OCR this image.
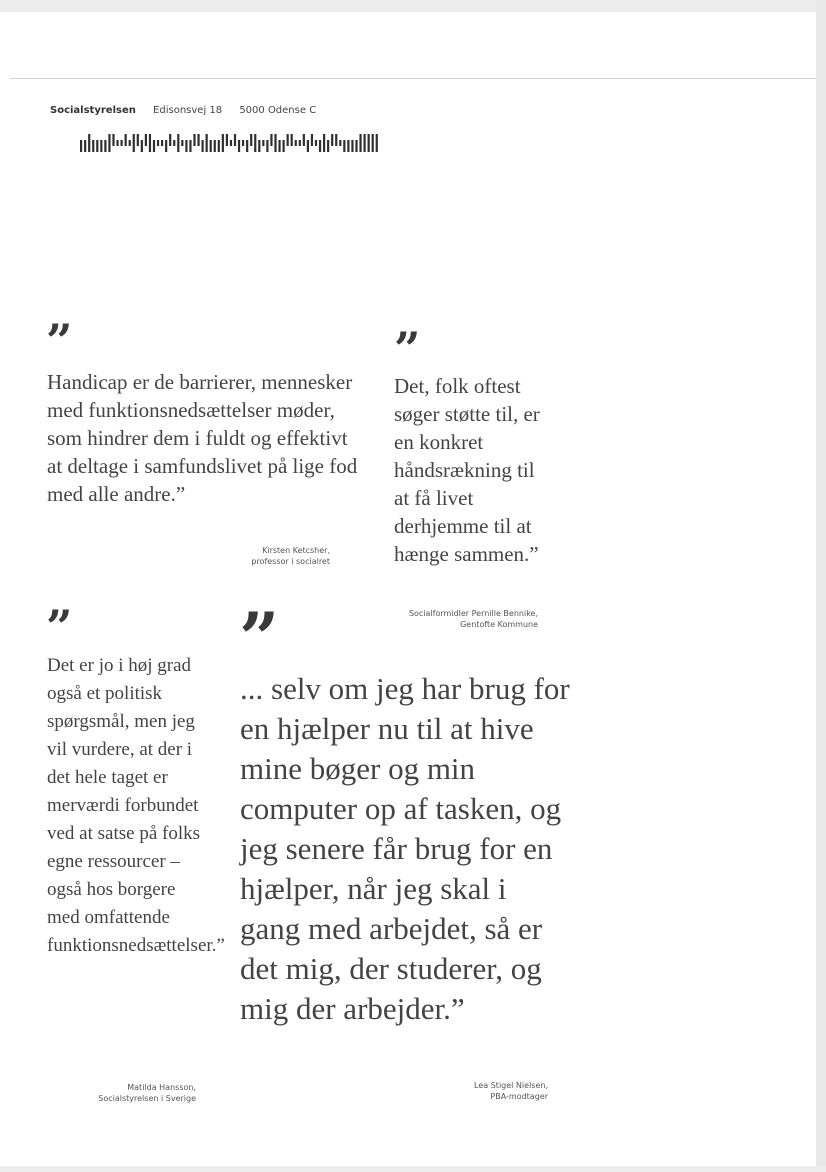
Socialstyrelsen Edisonsvej 18 5000 Odense C
”

Handicap er de barrierer, mennesker med funktionsnedsættelser møder, som hindrer dem i fuldt og effektivt at deltage i samfundslivet på lige fod med alle andre.”

Kirsten Ketcsher,
professor i socialret
”

Det, folk oftest søger støtte til, er en konkret håndsrækning til at få livet derhjemme til at hænge sammen.”

Socialformidler Pernille Bennike,
Gentofte Kommune
”

Det er jo i høj grad også et politisk spørgsmål, men jeg vil vurdere, at der i det hele taget er merværdi forbundet ved at satse på folks egne ressourcer – også hos borgere med omfattende funktionsnedsættelser.”

Matilda Hansson,
Socialstyrelsen i Sverige
”

... selv om jeg har brug for en hjælper nu til at hive mine bøger og min computer op af tasken, og jeg senere får brug for en hjælper, når jeg skal i gang med arbejdet, så er det mig, der studerer, og mig der arbejder.”

Lea Stigel Nielsen,
PBA-modtager
